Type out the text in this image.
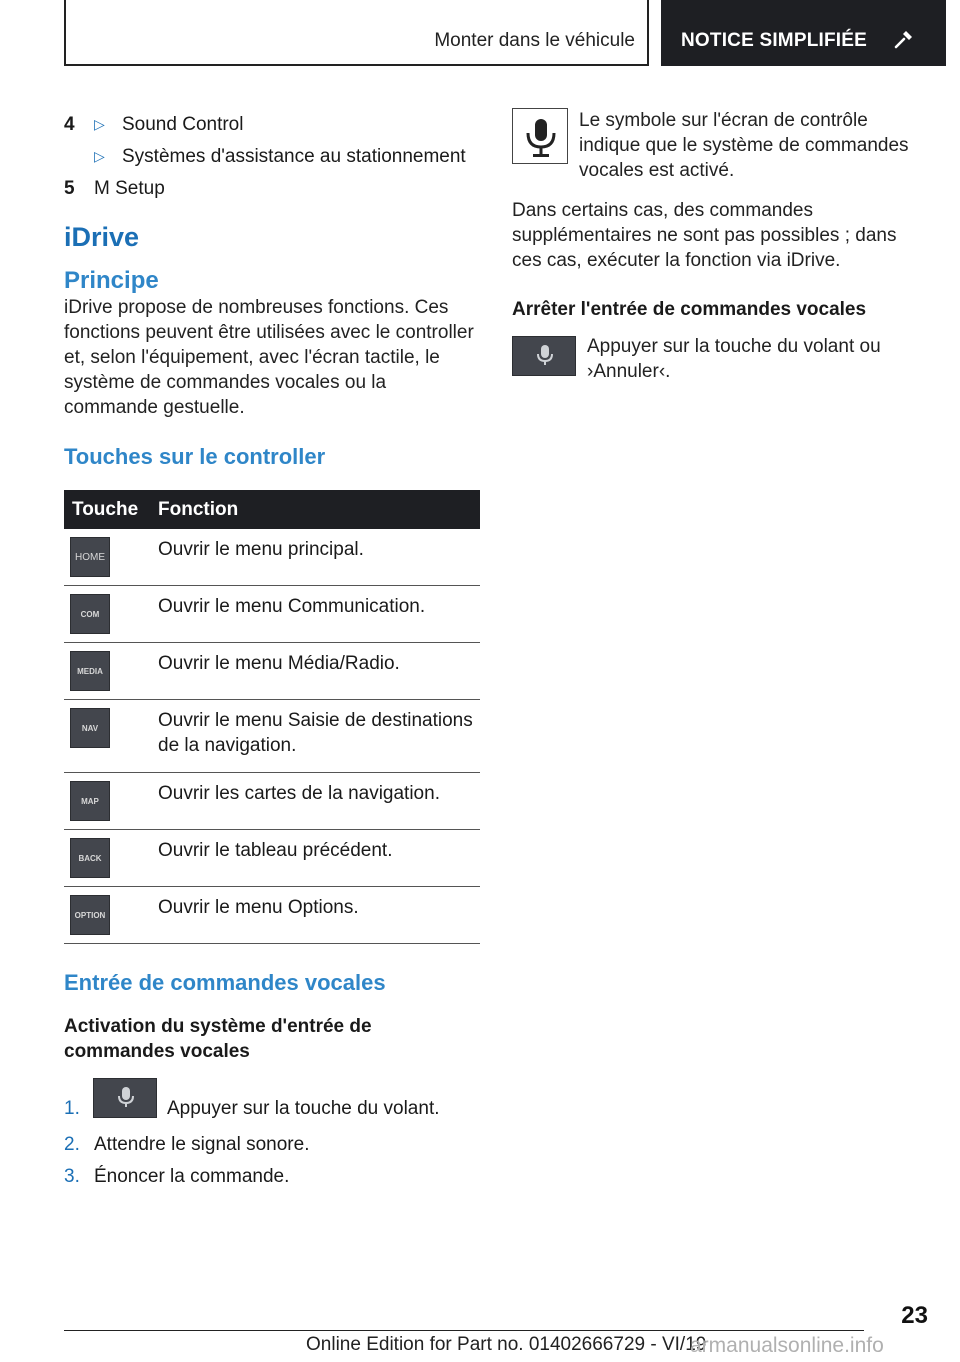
Monter dans le véhicule NOTICE SIMPLIFIÉE
4 ▷ Sound Control
▷ Systèmes d'assistance au stationnement
5 M Setup
iDrive
Principe

iDrive propose de nombreuses fonctions. Ces fonctions peuvent être utilisées avec le controller et, selon l'équipement, avec l'écran tactile, le système de commandes vocales ou la commande gestuelle.

Touches sur le controller
Touche	Fonction

HOME	Ouvrir le menu principal.

COM	Ouvrir le menu Communication.

MEDIA	Ouvrir le menu Média/Radio.

NAV	Ouvrir le menu Saisie de destinations de la navigation.

MAP	Ouvrir les cartes de la navigation.

BACK	Ouvrir le tableau précédent.

OPTION	Ouvrir le menu Options.
Entrée de commandes vocales
Activation du système d'entrée de commandes vocales
1.	Appuyer sur la touche du volant.
2. Attendre le signal sonore.
3. Énoncer la commande.

Le symbole sur l'écran de contrôle indique que le système de commandes vocales est activé.

Dans certains cas, des commandes supplémentaires ne sont pas possibles ; dans ces cas, exécuter la fonction via iDrive.

Arrêter l'entrée de commandes vocales

Appuyer sur la touche du volant ou ›Annuler‹.

23
Online Edition for Part no. 01402666729 - VI/19
armanualsonline.info
